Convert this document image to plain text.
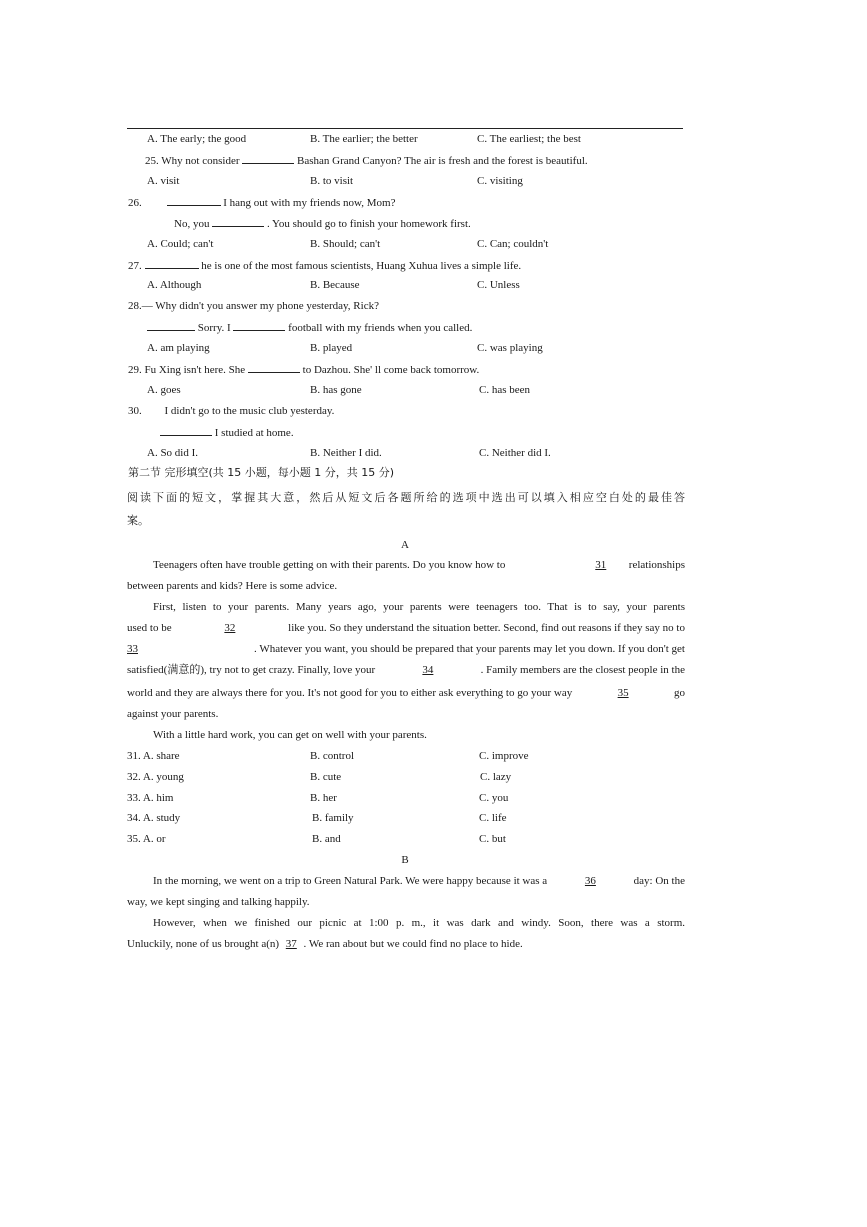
A. The early; the good	B. The earlier; the better	C. The earliest; the best
25. Why not consider	Bashan Grand Canyon? The air is fresh and the forest is beautiful.
A. visit	B. to visit	C. visiting
26.	I hang out with my friends now, Mom?
No, you	. You should go to finish your homework first.
A. Could; can't	B. Should; can't	C. Can; couldn't
27.	he is one of the most famous scientists, Huang Xuhua lives a simple life.
A. Although	B. Because	C. Unless
28.— Why didn't you answer my phone yesterday, Rick?
Sorry. I	football with my friends when you called.
A. am playing	B. played	C. was playing
29. Fu Xing isn't here. She	to Dazhou. She' ll come back tomorrow.
A. goes	B. has gone	C. has been
30. I didn't go to the music club yesterday.
I studied at home.
A. So did I.	B. Neither I did.	C. Neither did I.
第二节 完形填空(共 15 小题，每小题 1 分，共 15 分)
阅读下面的短文，掌握其大意，然后从短文后各题所给的选项中选出可以填入相应空白处的最佳答
案。
A
Teenagers often have trouble getting on with their parents. Do you know how to	31 relationships
between parents and kids? Here is some advice.
First, listen to your parents. Many years ago, your parents were teenagers too. That is to say, your parents
used to be	32	like you. So they understand the situation better. Second, find out reasons if they say no to
33	. Whatever you want, you should be prepared that your parents may let you down. If you don't get
satisfied(满意的), try not to get crazy. Finally, love your	34	. Family members are the closest people in the
world and they are always there for you. It's not good for you to either ask everything to go your way	35	go
against your parents.
With a little hard work, you can get on well with your parents.
31. A. share	B. control	C. improve
32. A. young	B. cute	C. lazy
33. A. him	B. her	C. you
34. A. study	B. family	C. life
35. A. or	B. and	C. but
B
In the morning, we went on a trip to Green Natural Park. We were happy because it was a	36	day: On the
way, we kept singing and talking happily.
However, when we finished our picnic at 1:00 p. m., it was dark and windy. Soon, there was a storm.
Unluckily, none of us brought a(n) 37 . We ran about but we could find no place to hide.
